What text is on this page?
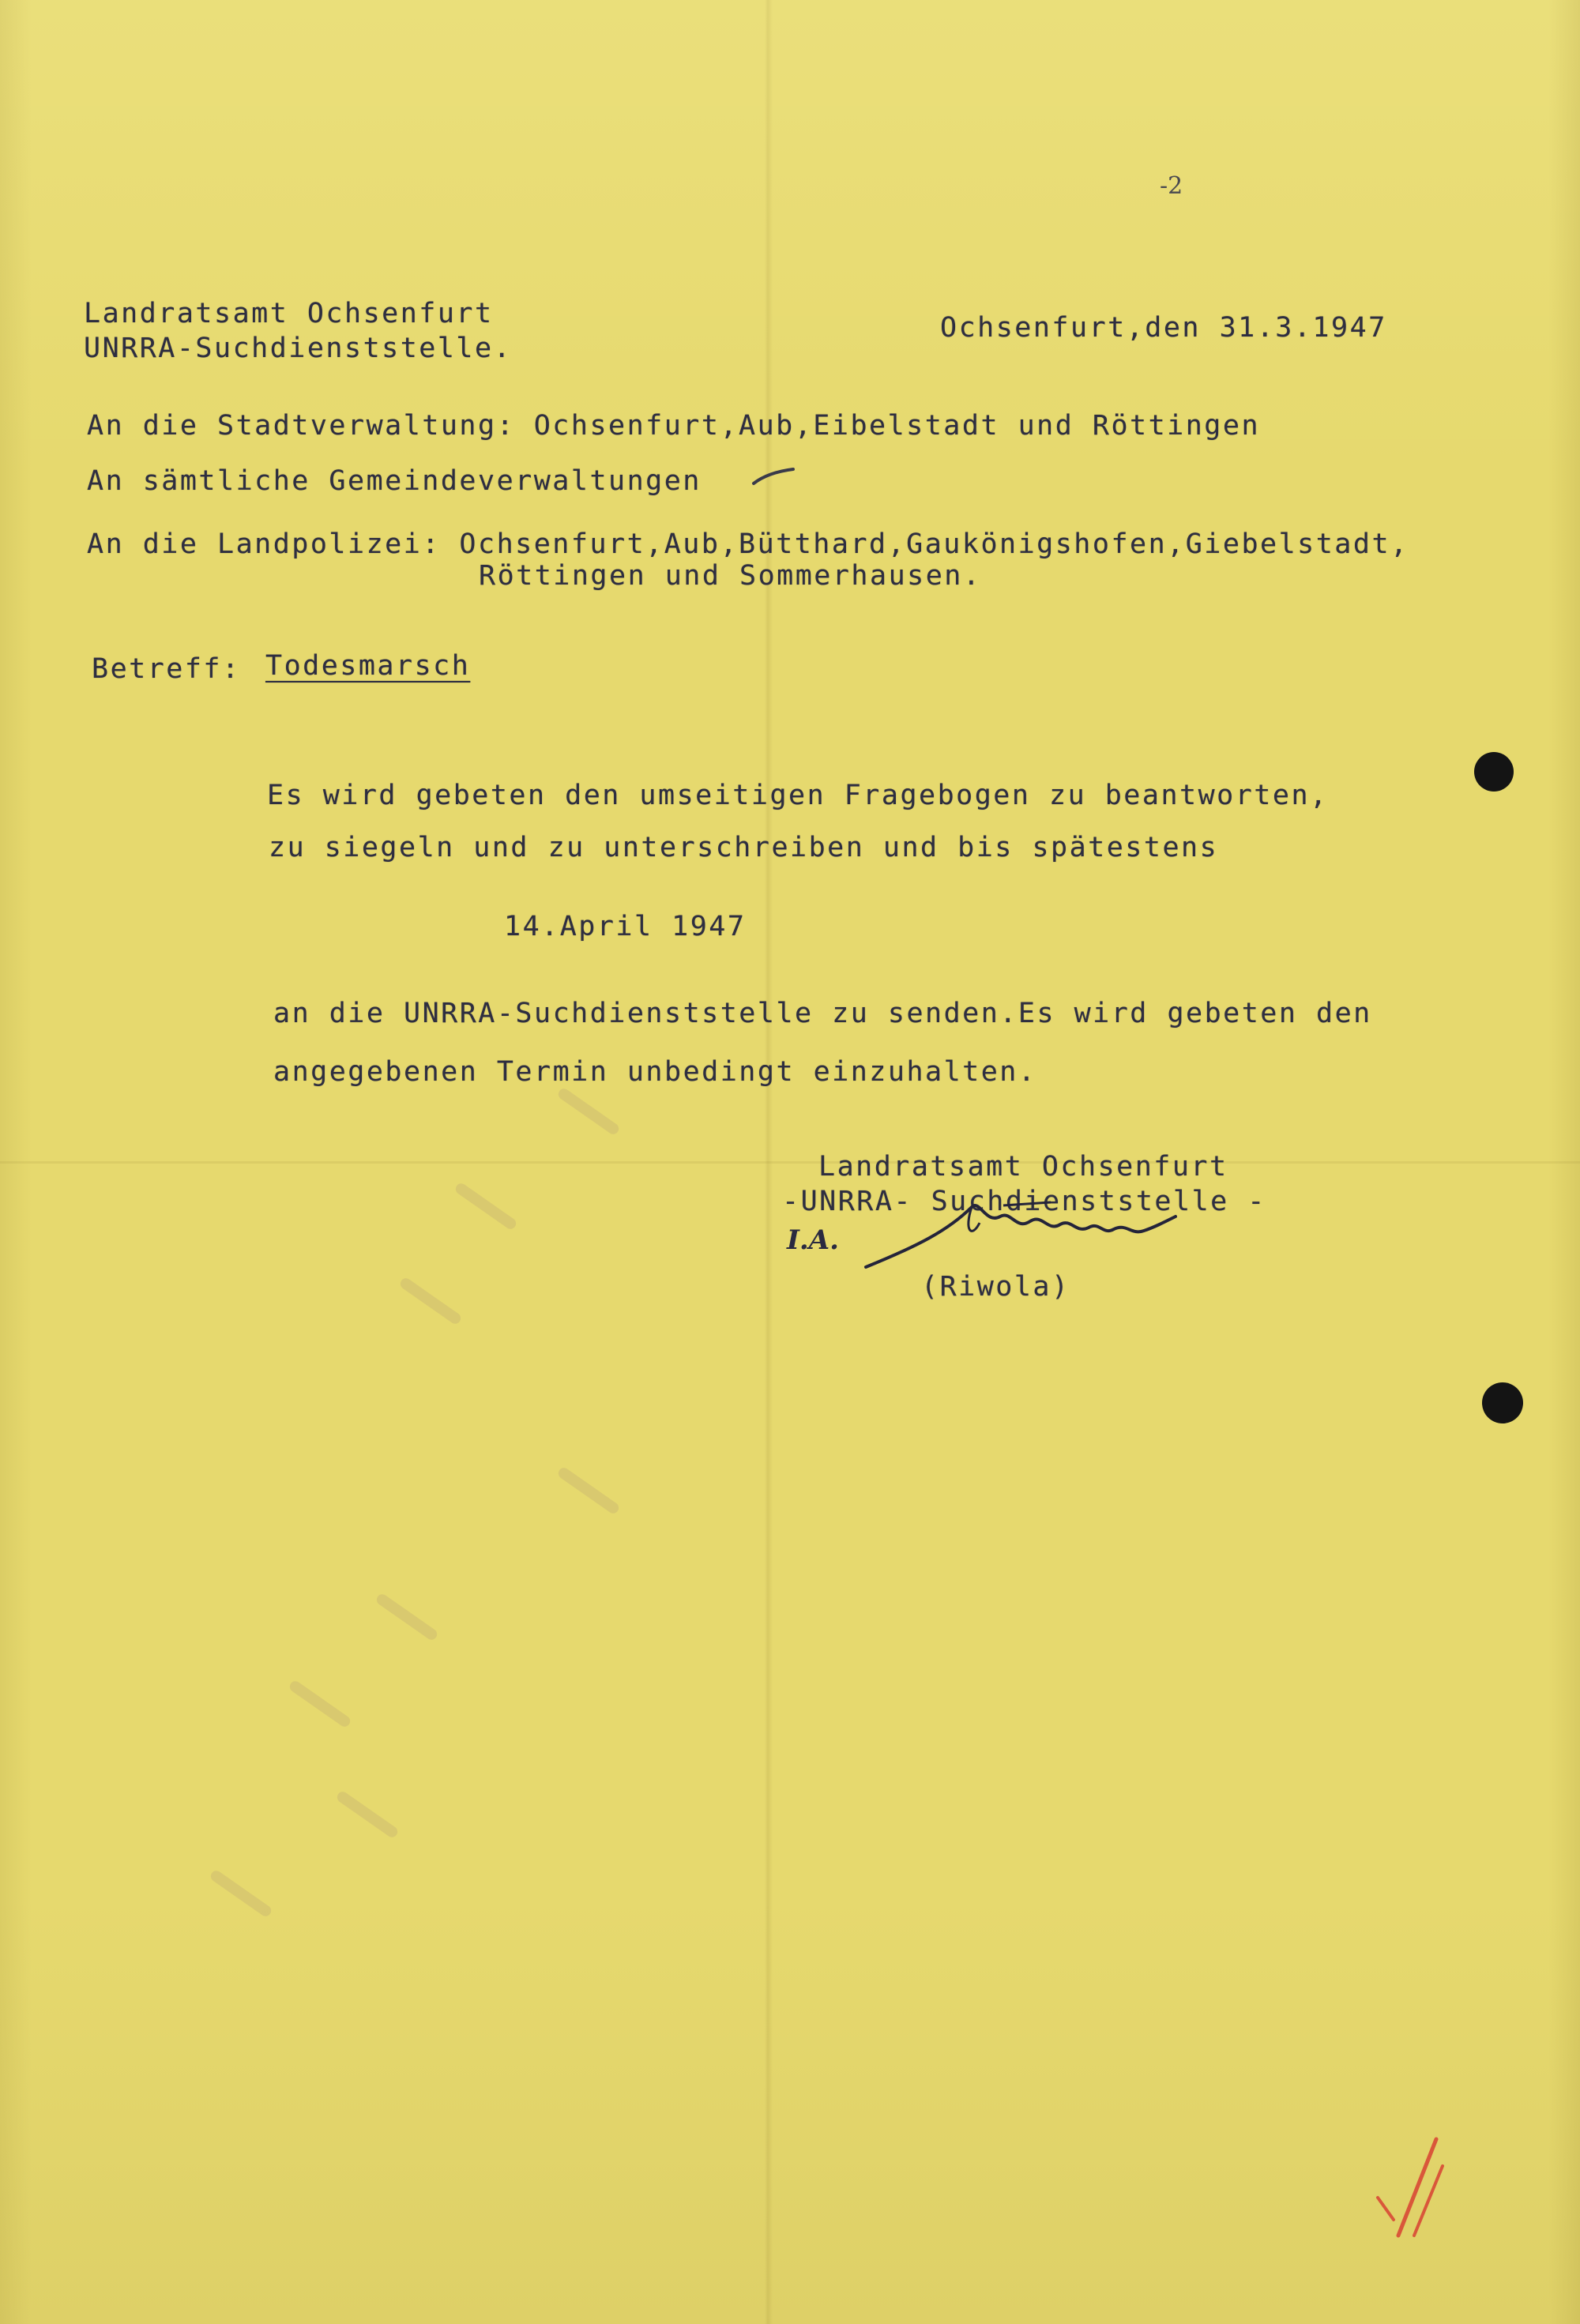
-2
Landratsamt Ochsenfurt
UNRRA-Suchdienststelle.
Ochsenfurt,den 31.3.1947
An die Stadtverwaltung: Ochsenfurt,Aub,Eibelstadt und Röttingen
An sämtliche Gemeindeverwaltungen
An die Landpolizei: Ochsenfurt,Aub,Bütthard,Gaukönigshofen,Giebelstadt,
Röttingen und Sommerhausen.
Betreff: Todesmarsch
Es wird gebeten den umseitigen Fragebogen zu beantworten,
zu siegeln und zu unterschreiben und bis spätestens
14.April 1947
an die UNRRA-Suchdienststelle zu senden.Es wird gebeten den
angegebenen Termin unbedingt einzuhalten.
Landratsamt Ochsenfurt
-UNRRA- Suchdienststelle -
I.A.
(Riwola)
